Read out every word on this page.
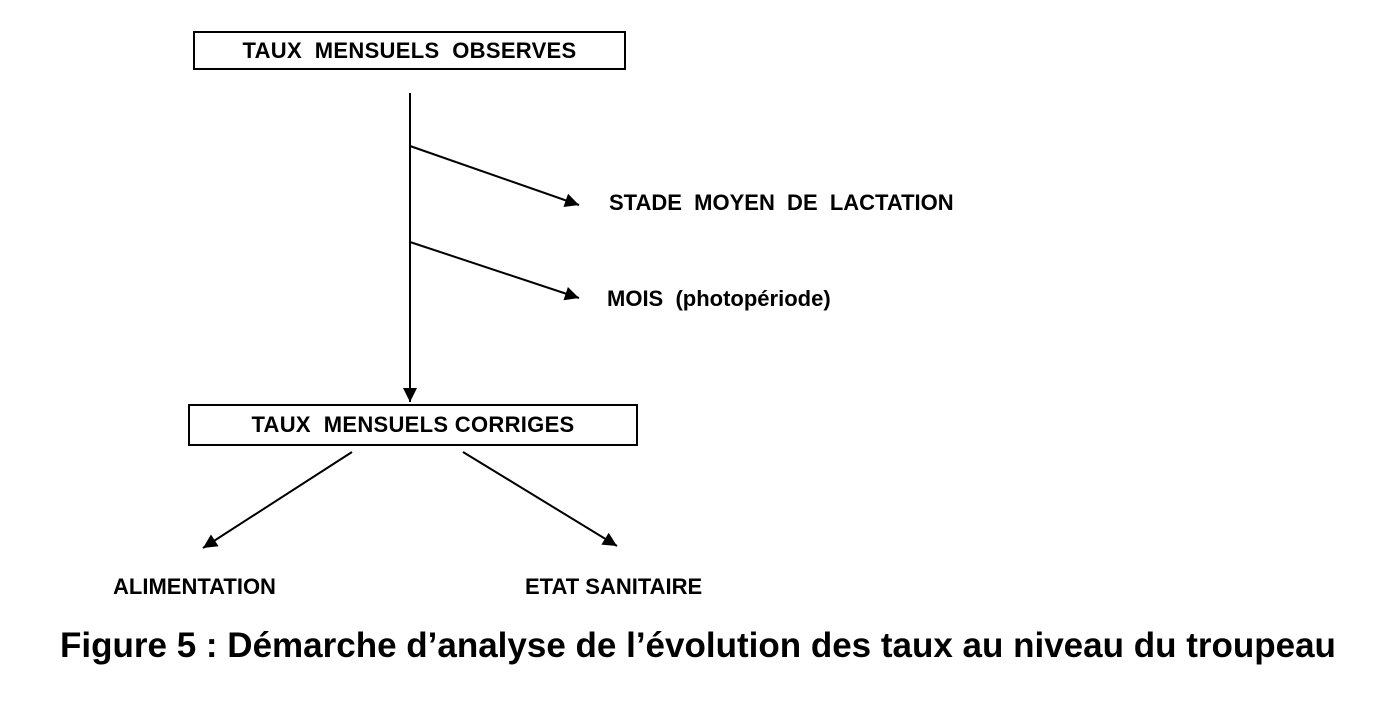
TAUX  MENSUELS  OBSERVES
STADE  MOYEN  DE  LACTATION
MOIS  (photopériode)
TAUX  MENSUELS CORRIGES
ALIMENTATION	ETAT SANITAIRE
Figure 5 : Démarche d’analyse de l’évolution des taux au niveau du troupeau
